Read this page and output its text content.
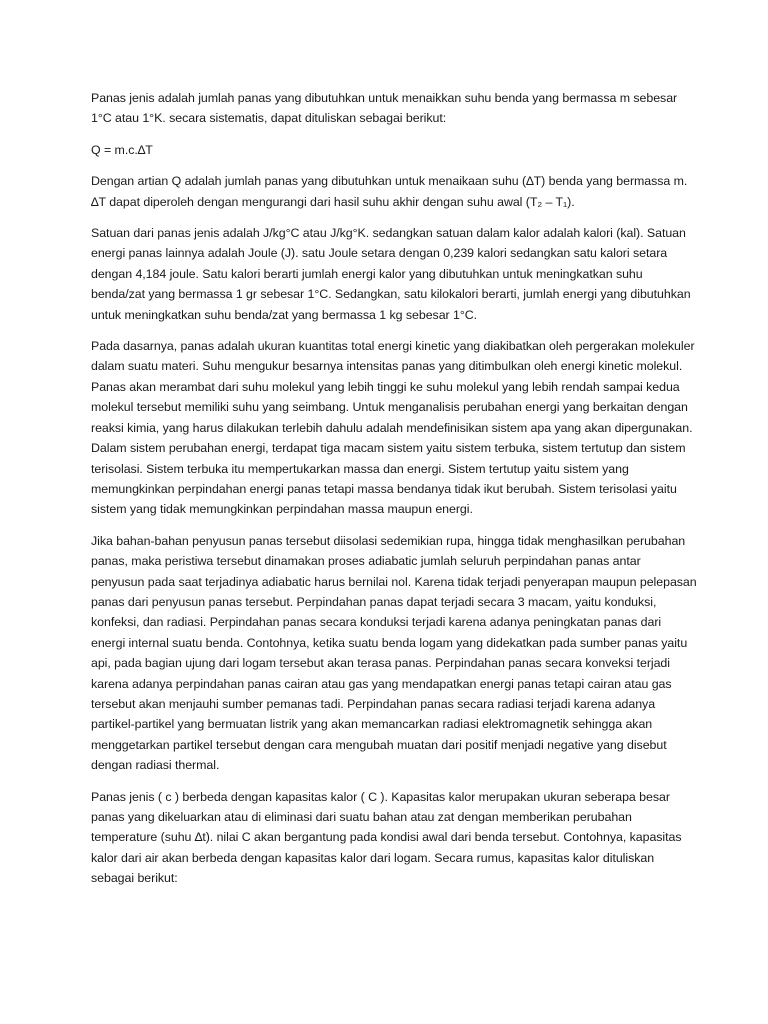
Panas jenis adalah jumlah panas yang dibutuhkan untuk menaikkan suhu benda yang bermassa m sebesar 1°C atau 1°K. secara sistematis, dapat dituliskan sebagai berikut:

Q = m.c.∆T

Dengan artian Q adalah jumlah panas yang dibutuhkan untuk menaikaan suhu (∆T) benda yang bermassa m. ∆T dapat diperoleh dengan mengurangi dari hasil suhu akhir dengan suhu awal (T₂ – T₁).

Satuan dari panas jenis adalah J/kg°C atau J/kg°K. sedangkan satuan dalam kalor adalah kalori (kal). Satuan energi panas lainnya adalah Joule (J). satu Joule setara dengan 0,239 kalori sedangkan satu kalori setara dengan 4,184 joule. Satu kalori berarti jumlah energi kalor yang dibutuhkan untuk meningkatkan suhu benda/zat yang bermassa 1 gr sebesar 1°C. Sedangkan, satu kilokalori berarti, jumlah energi yang dibutuhkan untuk meningkatkan suhu benda/zat yang bermassa 1 kg sebesar 1°C.

Pada dasarnya, panas adalah ukuran kuantitas total energi kinetic yang diakibatkan oleh pergerakan molekuler dalam suatu materi. Suhu mengukur besarnya intensitas panas yang ditimbulkan oleh energi kinetic molekul. Panas akan merambat dari suhu molekul yang lebih tinggi ke suhu molekul yang lebih rendah sampai kedua molekul tersebut memiliki suhu yang seimbang. Untuk menganalisis perubahan energi yang berkaitan dengan reaksi kimia, yang harus dilakukan terlebih dahulu adalah mendefinisikan sistem apa yang akan dipergunakan. Dalam sistem perubahan energi, terdapat tiga macam sistem yaitu sistem terbuka, sistem tertutup dan sistem terisolasi. Sistem terbuka itu mempertukarkan massa dan energi. Sistem tertutup yaitu sistem yang memungkinkan perpindahan energi panas tetapi massa bendanya tidak ikut berubah. Sistem terisolasi yaitu sistem yang tidak memungkinkan perpindahan massa maupun energi.

Jika bahan-bahan penyusun panas tersebut diisolasi sedemikian rupa, hingga tidak menghasilkan perubahan panas, maka peristiwa tersebut dinamakan proses adiabatic jumlah seluruh perpindahan panas antar penyusun pada saat terjadinya adiabatic harus bernilai nol. Karena tidak terjadi penyerapan maupun pelepasan panas dari penyusun panas tersebut. Perpindahan panas dapat terjadi secara 3 macam, yaitu konduksi, konfeksi, dan radiasi. Perpindahan panas secara konduksi terjadi karena adanya peningkatan panas dari energi internal suatu benda. Contohnya, ketika suatu benda logam yang didekatkan pada sumber panas yaitu api, pada bagian ujung dari logam tersebut akan terasa panas. Perpindahan panas secara konveksi terjadi karena adanya perpindahan panas cairan atau gas yang mendapatkan energi panas tetapi cairan atau gas tersebut akan menjauhi sumber pemanas tadi. Perpindahan panas secara radiasi terjadi karena adanya partikel-partikel yang bermuatan listrik yang akan memancarkan radiasi elektromagnetik sehingga akan menggetarkan partikel tersebut dengan cara mengubah muatan dari positif menjadi negative yang disebut dengan radiasi thermal.

Panas jenis ( c ) berbeda dengan kapasitas kalor ( C ). Kapasitas kalor merupakan ukuran seberapa besar panas yang dikeluarkan atau di eliminasi dari suatu bahan atau zat dengan memberikan perubahan temperature (suhu ∆t). nilai C akan bergantung pada kondisi awal dari benda tersebut. Contohnya, kapasitas kalor dari air akan berbeda dengan kapasitas kalor dari logam. Secara rumus, kapasitas kalor dituliskan sebagai berikut:
